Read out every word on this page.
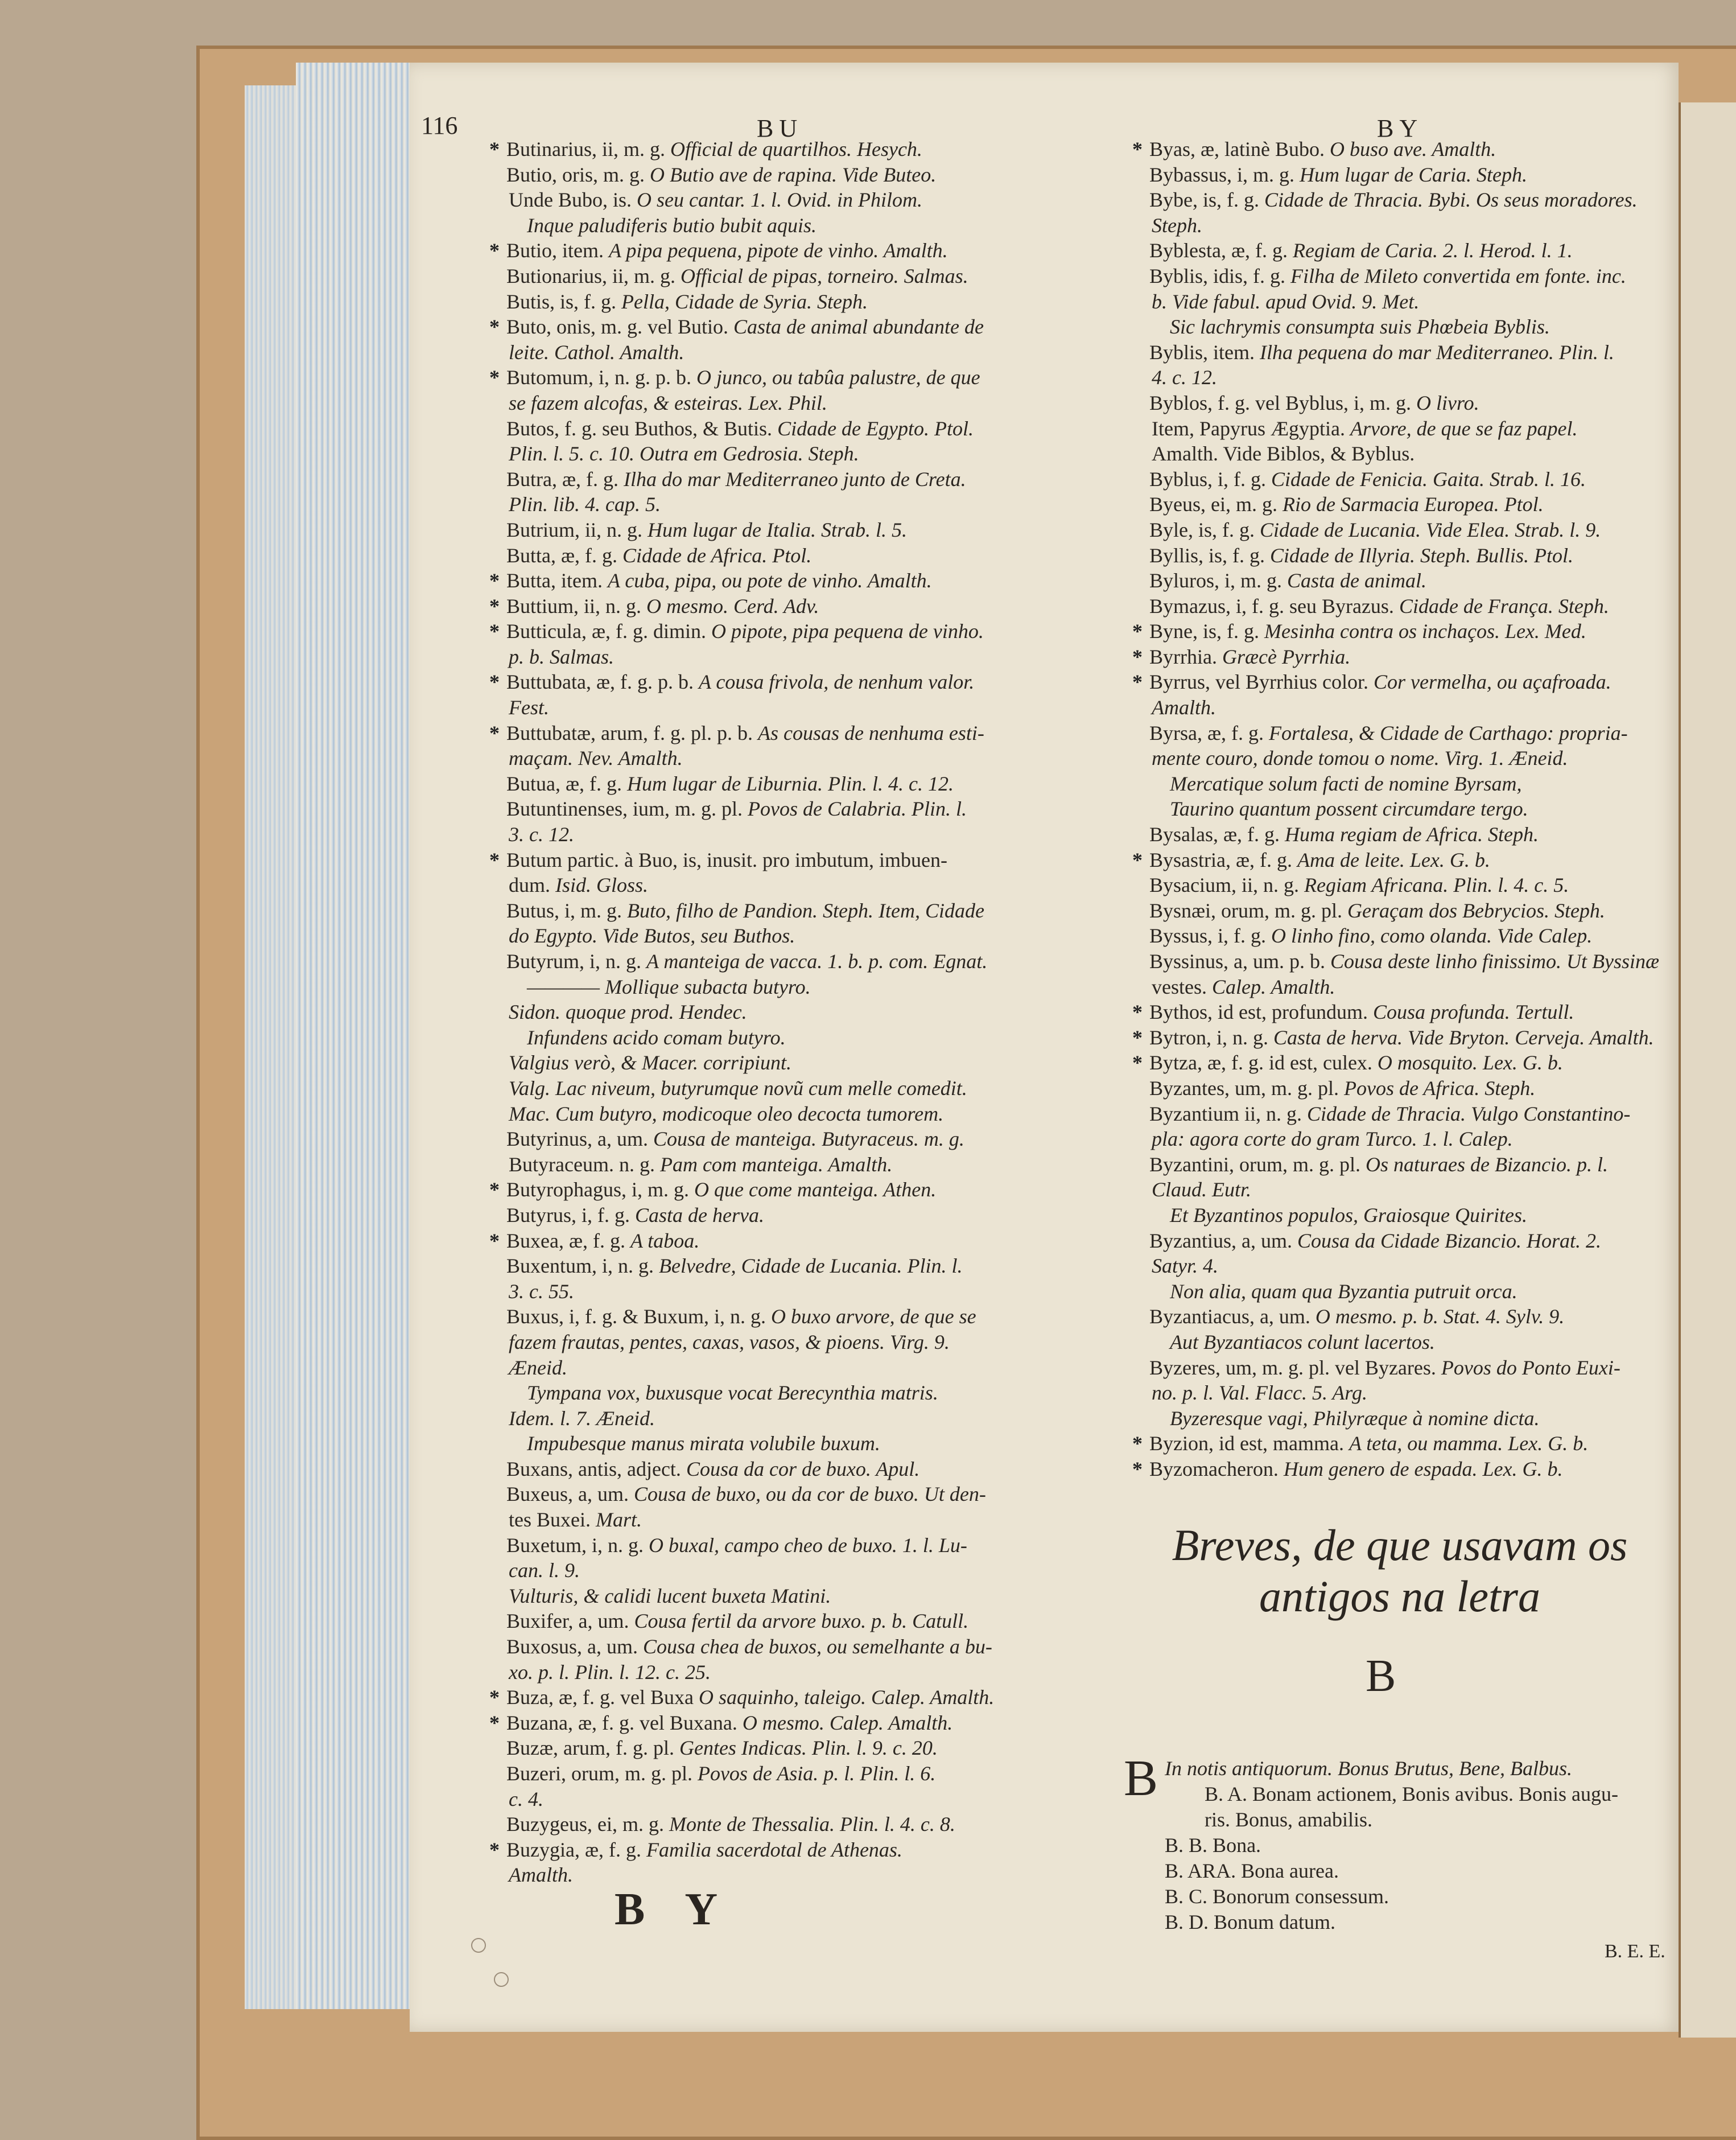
116	BU	BY
* Butinarius, ii, m. g. Official de quartilhos. Hesych.
Butio, oris, m. g. O Butio ave de rapina. Vide Buteo.
Unde Bubo, is. O seu cantar. 1. l. Ovid. in Philom.
Inque paludiferis butio bubit aquis.
* Butio, item. A pipa pequena, pipote de vinho. Amalth.
Butionarius, ii, m. g. Official de pipas, torneiro. Salmas.
Butis, is, f. g. Pella, Cidade de Syria. Steph.
* Buto, onis, m. g. vel Butio. Casta de animal abundante de
leite. Cathol. Amalth.
* Butomum, i, n. g. p. b. O junco, ou tabûa palustre, de que
se fazem alcofas, & esteiras. Lex. Phil.
Butos, f. g. seu Buthos, & Butis. Cidade de Egypto. Ptol.
Plin. l. 5. c. 10. Outra em Gedrosia. Steph.
Butra, æ, f. g. Ilha do mar Mediterraneo junto de Creta.
Plin. lib. 4. cap. 5.
Butrium, ii, n. g. Hum lugar de Italia. Strab. l. 5.
Butta, æ, f. g. Cidade de Africa. Ptol.
* Butta, item. A cuba, pipa, ou pote de vinho. Amalth.
* Buttium, ii, n. g. O mesmo. Cerd. Adv.
* Butticula, æ, f. g. dimin. O pipote, pipa pequena de vinho.
p. b. Salmas.
* Buttubata, æ, f. g. p. b. A cousa frivola, de nenhum valor.
Fest.
* Buttubatæ, arum, f. g. pl. p. b. As cousas de nenhuma esti-
maçam. Nev. Amalth.
Butua, æ, f. g. Hum lugar de Liburnia. Plin. l. 4. c. 12.
Butuntinenses, ium, m. g. pl. Povos de Calabria. Plin. l.
3. c. 12.
* Butum partic. à Buo, is, inusit. pro imbutum, imbuen-
dum. Isid. Gloss.
Butus, i, m. g. Buto, filho de Pandion. Steph. Item, Cidade
do Egypto. Vide Butos, seu Buthos.
Butyrum, i, n. g. A manteiga de vacca. 1. b. p. com. Egnat.
———— Mollique subacta butyro.
Sidon. quoque prod. Hendec.
Infundens acido comam butyro.
Valgius verò, & Macer. corripiunt.
Valg. Lac niveum, butyrumque novũ cum melle comedit.
Mac. Cum butyro, modicoque oleo decocta tumorem.
Butyrinus, a, um. Cousa de manteiga. Butyraceus. m. g.
Butyraceum. n. g. Pam com manteiga. Amalth.
* Butyrophagus, i, m. g. O que come manteiga. Athen.
Butyrus, i, f. g. Casta de herva.
* Buxea, æ, f. g. A taboa.
Buxentum, i, n. g. Belvedre, Cidade de Lucania. Plin. l.
3. c. 55.
Buxus, i, f. g. & Buxum, i, n. g. O buxo arvore, de que se
fazem frautas, pentes, caxas, vasos, & pioens. Virg. 9.
Æneid.
Tympana vox, buxusque vocat Berecynthia matris.
Idem. l. 7. Æneid.
Impubesque manus mirata volubile buxum.
Buxans, antis, adject. Cousa da cor de buxo. Apul.
Buxeus, a, um. Cousa de buxo, ou da cor de buxo. Ut den-
tes Buxei. Mart.
Buxetum, i, n. g. O buxal, campo cheo de buxo. 1. l. Lu-
can. l. 9.
Vulturis, & calidi lucent buxeta Matini.
Buxifer, a, um. Cousa fertil da arvore buxo. p. b. Catull.
Buxosus, a, um. Cousa chea de buxos, ou semelhante a bu-
xo. p. l. Plin. l. 12. c. 25.
* Buza, æ, f. g. vel Buxa O saquinho, taleigo. Calep. Amalth.
* Buzana, æ, f. g. vel Buxana. O mesmo. Calep. Amalth.
Buzæ, arum, f. g. pl. Gentes Indicas. Plin. l. 9. c. 20.
Buzeri, orum, m. g. pl. Povos de Asia. p. l. Plin. l. 6.
c. 4.
Buzygeus, ei, m. g. Monte de Thessalia. Plin. l. 4. c. 8.
* Buzygia, æ, f. g. Familia sacerdotal de Athenas.
Amalth.
* Byas, æ, latinè Bubo. O buso ave. Amalth.
Bybassus, i, m. g. Hum lugar de Caria. Steph.
Bybe, is, f. g. Cidade de Thracia. Bybi. Os seus moradores.
Steph.
Byblesta, æ, f. g. Regiam de Caria. 2. l. Herod. l. 1.
Byblis, idis, f. g. Filha de Mileto convertida em fonte. inc.
b. Vide fabul. apud Ovid. 9. Met.
Sic lachrymis consumpta suis Phœbeia Byblis.
Byblis, item. Ilha pequena do mar Mediterraneo. Plin. l.
4. c. 12.
Byblos, f. g. vel Byblus, i, m. g. O livro.
Item, Papyrus Ægyptia. Arvore, de que se faz papel.
Amalth. Vide Biblos, & Byblus.
Byblus, i, f. g. Cidade de Fenicia. Gaita. Strab. l. 16.
Byeus, ei, m. g. Rio de Sarmacia Europea. Ptol.
Byle, is, f. g. Cidade de Lucania. Vide Elea. Strab. l. 9.
Byllis, is, f. g. Cidade de Illyria. Steph. Bullis. Ptol.
Byluros, i, m. g. Casta de animal.
Bymazus, i, f. g. seu Byrazus. Cidade de França. Steph.
* Byne, is, f. g. Mesinha contra os inchaços. Lex. Med.
* Byrrhia. Græcè Pyrrhia.
* Byrrus, vel Byrrhius color. Cor vermelha, ou açafroada.
Amalth.
Byrsa, æ, f. g. Fortalesa, & Cidade de Carthago: propria-
mente couro, donde tomou o nome. Virg. 1. Æneid.
Mercatique solum facti de nomine Byrsam,
Taurino quantum possent circumdare tergo.
Bysalas, æ, f. g. Huma regiam de Africa. Steph.
* Bysastria, æ, f. g. Ama de leite. Lex. G. b.
Bysacium, ii, n. g. Regiam Africana. Plin. l. 4. c. 5.
Bysnæi, orum, m. g. pl. Geraçam dos Bebrycios. Steph.
Byssus, i, f. g. O linho fino, como olanda. Vide Calep.
Byssinus, a, um. p. b. Cousa deste linho finissimo. Ut Byssinæ
vestes. Calep. Amalth.
* Bythos, id est, profundum. Cousa profunda. Tertull.
* Bytron, i, n. g. Casta de herva. Vide Bryton. Cerveja. Amalth.
* Bytza, æ, f. g. id est, culex. O mosquito. Lex. G. b.
Byzantes, um, m. g. pl. Povos de Africa. Steph.
Byzantium ii, n. g. Cidade de Thracia. Vulgo Constantino-
pla: agora corte do gram Turco. 1. l. Calep.
Byzantini, orum, m. g. pl. Os naturaes de Bizancio. p. l.
Claud. Eutr.
Et Byzantinos populos, Graiosque Quirites.
Byzantius, a, um. Cousa da Cidade Bizancio. Horat. 2.
Satyr. 4.
Non alia, quam qua Byzantia putruit orca.
Byzantiacus, a, um. O mesmo. p. b. Stat. 4. Sylv. 9.
Aut Byzantiacos colunt lacertos.
Byzeres, um, m. g. pl. vel Byzares. Povos do Ponto Euxi-
no. p. l. Val. Flacc. 5. Arg.
Byzeresque vagi, Philyræque à nomine dicta.
* Byzion, id est, mamma. A teta, ou mamma. Lex. G. b.
* Byzomacheron. Hum genero de espada. Lex. G. b.
BY
Breves, de que usavam os
antigos na letra
B
B In notis antiquorum. Bonus Brutus, Bene, Balbus.
B. A. Bonam actionem, Bonis avibus. Bonis augu-
ris. Bonus, amabilis.
B. B. Bona.
B. ARA. Bona aurea.
B. C. Bonorum consessum.
B. D. Bonum datum.
B. E. E.
